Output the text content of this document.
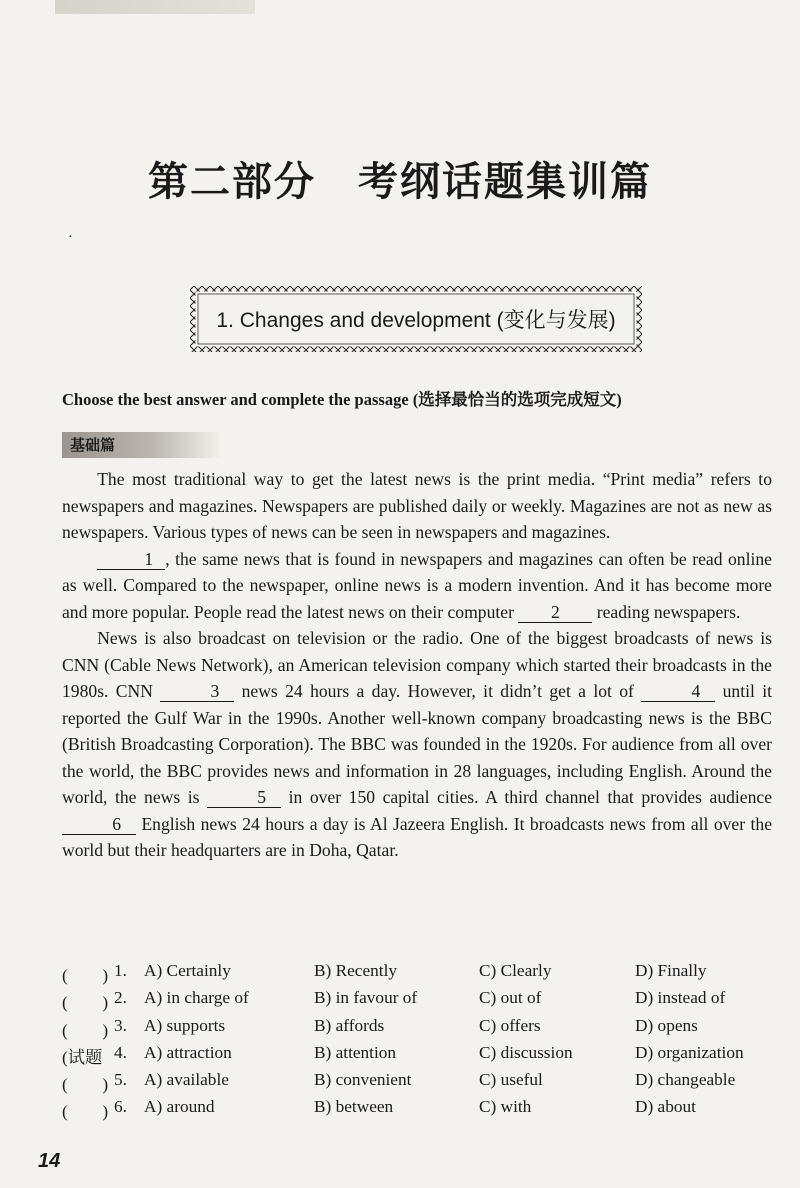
第二部分　考纲话题集训篇
·
1. Changes and development (变化与发展)
Choose the best answer and complete the passage (选择最恰当的选项完成短文)
基础篇

The most traditional way to get the latest news is the print media. “Print media” refers to newspapers and magazines. Newspapers are published daily or weekly. Magazines are not as new as newspapers. Various types of news can be seen in newspapers and magazines.

1 , the same news that is found in newspapers and magazines can often be read online as well. Compared to the newspaper, online news is a modern invention. And it has become more and more popular. People read the latest news on their computer 2 reading newspapers.

News is also broadcast on television or the radio. One of the biggest broadcasts of news is CNN (Cable News Network), an American television company which started their broadcasts in the 1980s. CNN	3 news 24 hours a day. However, it didn’t get a lot of	4 until it reported the Gulf War in the 1990s. Another well-known company broadcasting news is the BBC (British Broadcasting Corporation). The BBC was founded in the 1920s. For audience from all over the world, the BBC provides news and information in 28 languages, including English. Around the world, the news is	5 in over 150 capital cities. A third channel that provides audience 6 English news 24 hours a day is Al Jazeera English. It broadcasts news from all over the world but their headquarters are in Doha, Qatar.

(　　) 1. A) Certainly	B) Recently	C) Clearly	D) Finally
(　　) 2. A) in charge of	B) in favour of	C) out of	D) instead of
(　　) 3. A) supports	B) affords	C) offers	D) opens
(试题 4. A) attraction	B) attention	C) discussion	D) organization
(　　) 5. A) available	B) convenient	C) useful	D) changeable
(　　) 6. A) around	B) between	C) with	D) about
14
